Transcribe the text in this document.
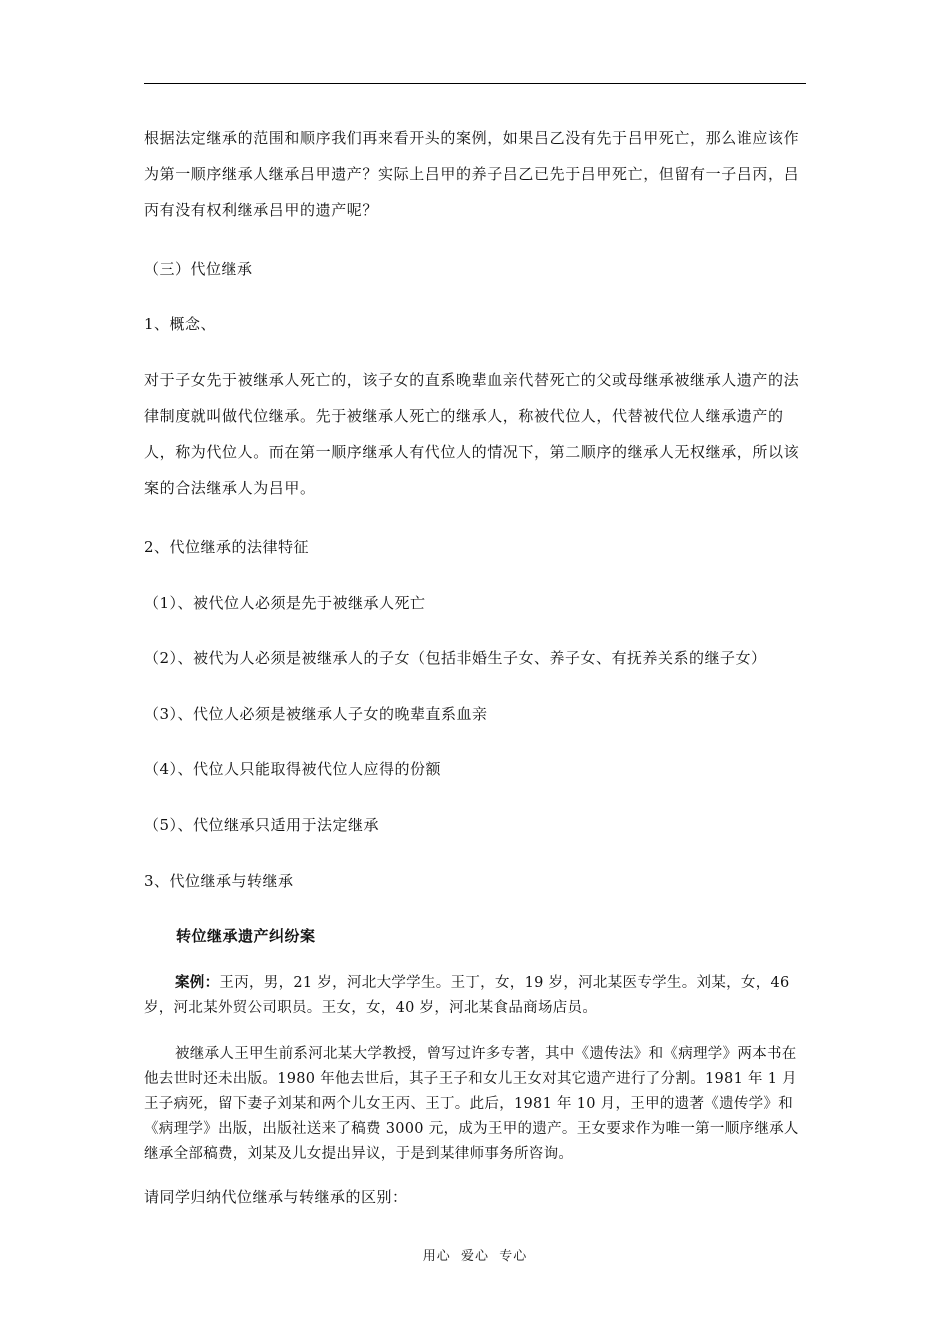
根据法定继承的范围和顺序我们再来看开头的案例，如果吕乙没有先于吕甲死亡，那么谁应该作为第一顺序继承人继承吕甲遗产？实际上吕甲的养子吕乙已先于吕甲死亡，但留有一子吕丙，吕丙有没有权利继承吕甲的遗产呢？

（三）代位继承

1、概念、

对于子女先于被继承人死亡的，该子女的直系晚辈血亲代替死亡的父或母继承被继承人遗产的法律制度就叫做代位继承。先于被继承人死亡的继承人，称被代位人，代替被代位人继承遗产的人，称为代位人。而在第一顺序继承人有代位人的情况下，第二顺序的继承人无权继承，所以该案的合法继承人为吕甲。

2、代位继承的法律特征

（1）、被代位人必须是先于被继承人死亡

（2）、被代为人必须是被继承人的子女（包括非婚生子女、养子女、有抚养关系的继子女）

（3）、代位人必须是被继承人子女的晚辈直系血亲

（4）、代位人只能取得被代位人应得的份额

（5）、代位继承只适用于法定继承

3、代位继承与转继承

转位继承遗产纠纷案

案例：王丙，男，21 岁，河北大学学生。王丁，女，19 岁，河北某医专学生。刘某，女，46 岁，河北某外贸公司职员。王女，女，40 岁，河北某食品商场店员。

被继承人王甲生前系河北某大学教授，曾写过许多专著，其中《遗传法》和《病理学》两本书在他去世时还未出版。1980 年他去世后，其子王子和女儿王女对其它遗产进行了分割。1981 年 1 月王子病死，留下妻子刘某和两个儿女王丙、王丁。此后，1981 年 10 月，王甲的遗著《遗传学》和《病理学》出版，出版社送来了稿费 3000 元，成为王甲的遗产。王女要求作为唯一第一顺序继承人继承全部稿费，刘某及儿女提出异议，于是到某律师事务所咨询。

请同学归纳代位继承与转继承的区别：

用心  爱心  专心
